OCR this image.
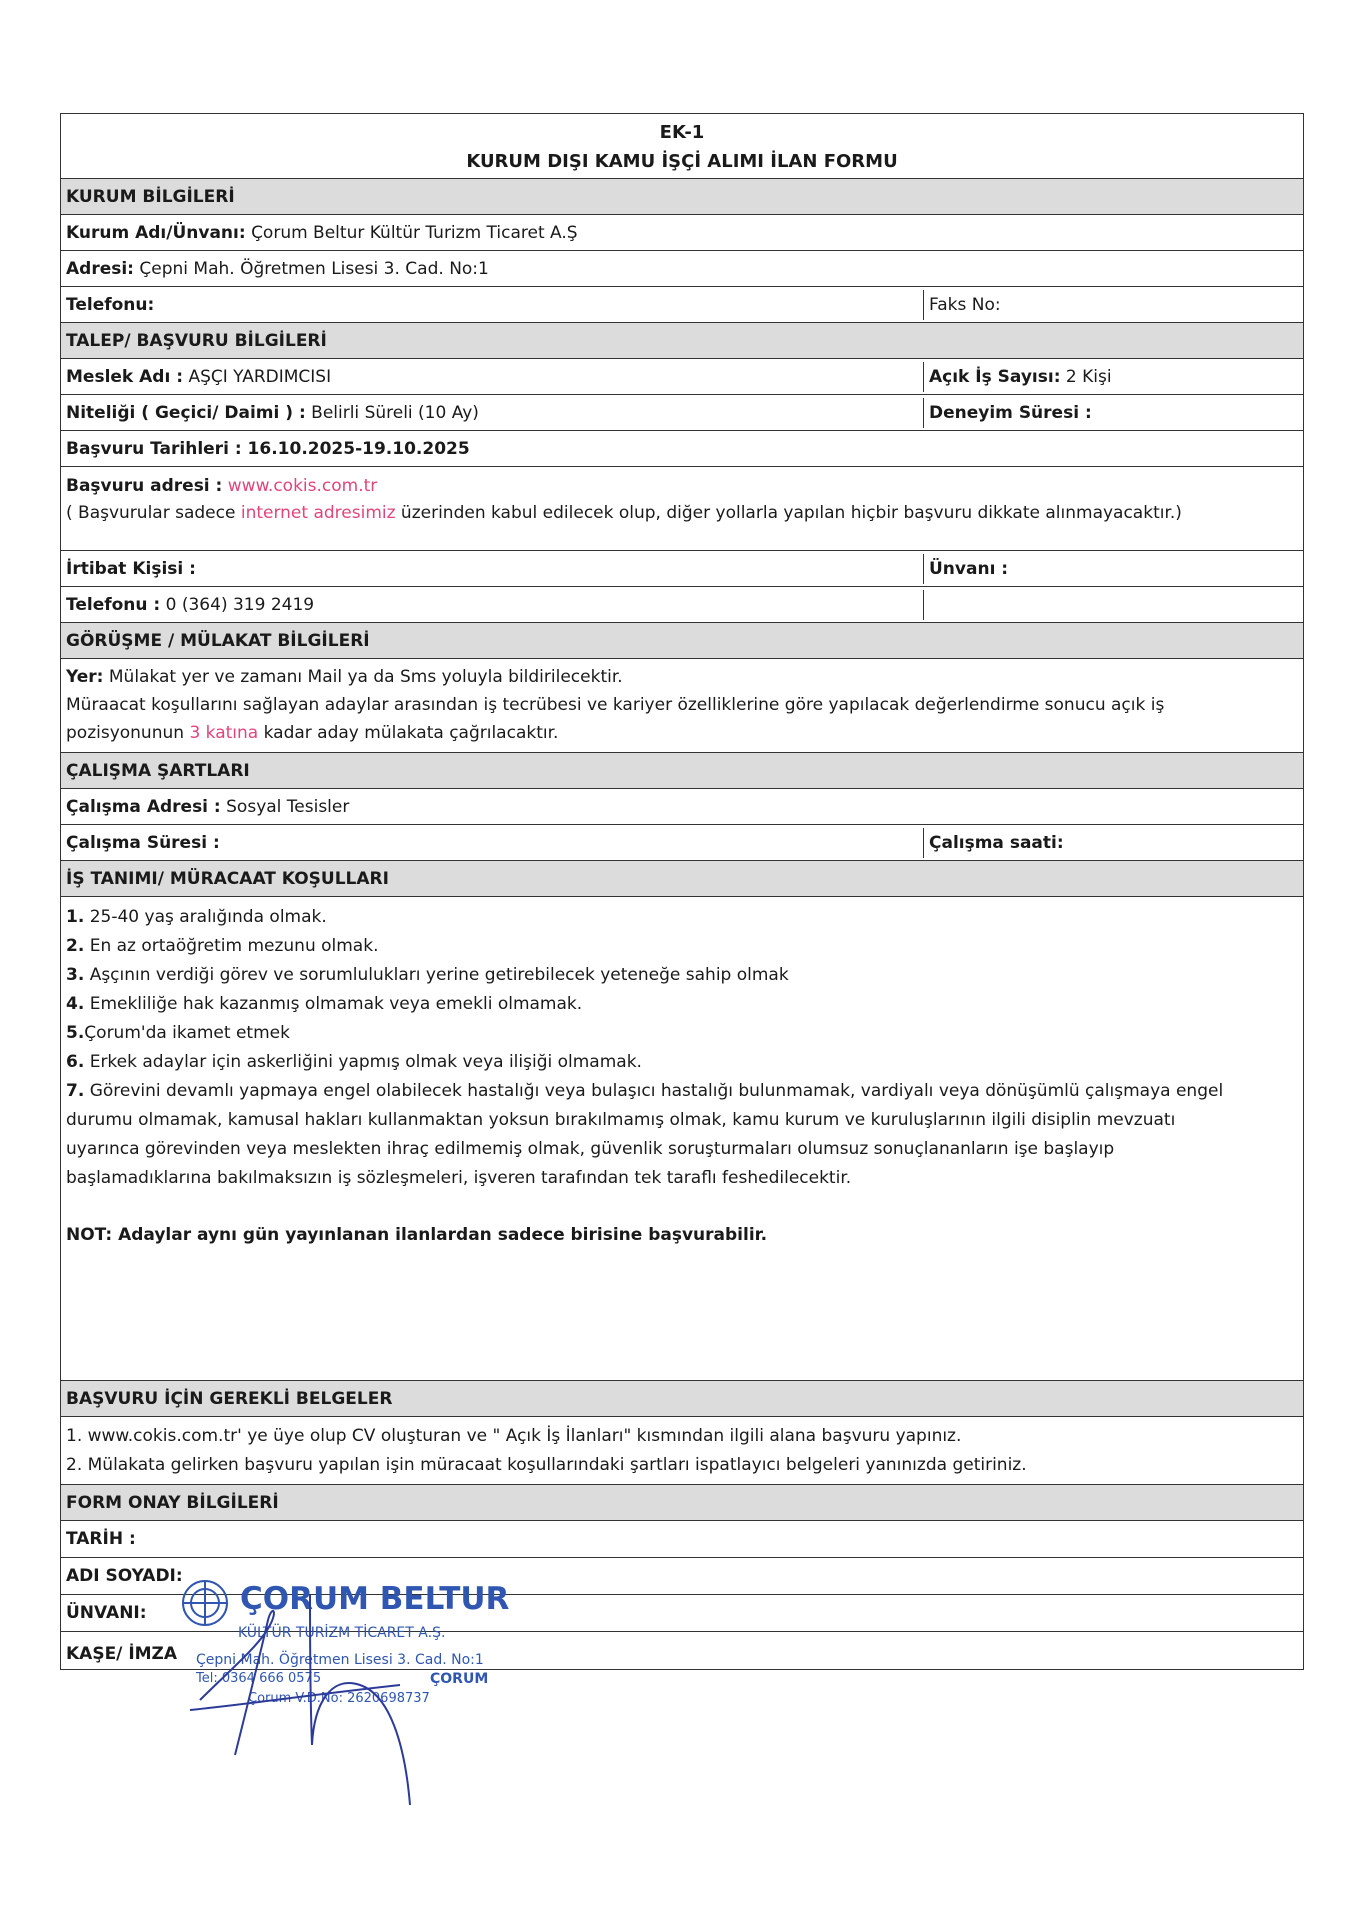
EK-1
KURUM DIŞI KAMU İŞÇİ ALIMI İLAN FORMU
KURUM BİLGİLERİ
Kurum Adı/Ünvanı: Çorum Beltur Kültür Turizm Ticaret A.Ş
Adresi: Çepni Mah. Öğretmen Lisesi 3. Cad. No:1
Telefonu:	Faks No:
TALEP/ BAŞVURU BİLGİLERİ
Meslek Adı : AŞÇI YARDIMCISI	Açık İş Sayısı: 2 Kişi
Niteliği ( Geçici/ Daimi ) : Belirli Süreli (10 Ay)	Deneyim Süresi :
Başvuru Tarihleri : 16.10.2025-19.10.2025
Başvuru adresi : www.cokis.com.tr
( Başvurular sadece internet adresimiz üzerinden kabul edilecek olup, diğer yollarla yapılan hiçbir başvuru dikkate alınmayacaktır.)
İrtibat Kişisi :	Ünvanı :
Telefonu : 0 (364) 319 2419
GÖRÜŞME / MÜLAKAT BİLGİLERİ
Yer: Mülakat yer ve zamanı Mail ya da Sms yoluyla bildirilecektir.
Müraacat koşullarını sağlayan adaylar arasından iş tecrübesi ve kariyer özelliklerine göre yapılacak değerlendirme sonucu açık iş
pozisyonunun 3 katına kadar aday mülakata çağrılacaktır.
ÇALIŞMA ŞARTLARI
Çalışma Adresi : Sosyal Tesisler
Çalışma Süresi :	Çalışma saati:
İŞ TANIMI/ MÜRACAAT KOŞULLARI
1. 25-40 yaş aralığında olmak.
2. En az ortaöğretim mezunu olmak.
3. Aşçının verdiği görev ve sorumlulukları yerine getirebilecek yeteneğe sahip olmak
4. Emekliliğe hak kazanmış olmamak veya emekli olmamak.
5.Çorum'da ikamet etmek
6. Erkek adaylar için askerliğini yapmış olmak veya ilişiği olmamak.
7. Görevini devamlı yapmaya engel olabilecek hastalığı veya bulaşıcı hastalığı bulunmamak, vardiyalı veya dönüşümlü çalışmaya engel
durumu olmamak, kamusal hakları kullanmaktan yoksun bırakılmamış olmak, kamu kurum ve kuruluşlarının ilgili disiplin mevzuatı
uyarınca görevinden veya meslekten ihraç edilmemiş olmak, güvenlik soruşturmaları olumsuz sonuçlananların işe başlayıp
başlamadıklarına bakılmaksızın iş sözleşmeleri, işveren tarafından tek taraflı feshedilecektir.
NOT: Adaylar aynı gün yayınlanan ilanlardan sadece birisine başvurabilir.
BAŞVURU İÇİN GEREKLİ BELGELER
1. www.cokis.com.tr' ye üye olup CV oluşturan ve " Açık İş İlanları" kısmından ilgili alana başvuru yapınız.
2. Mülakata gelirken başvuru yapılan işin müracaat koşullarındaki şartları ispatlayıcı belgeleri yanınızda getiriniz.
FORM ONAY BİLGİLERİ
TARİH :
ADI SOYADI:
ÜNVANI:
KAŞE/ İMZA
ÇORUM BELTUR
KÜLTÜR TURİZM TİCARET A.Ş.
Çepni Mah. Öğretmen Lisesi 3. Cad. No:1
Tel: 0364 666 0575	ÇORUM
Çorum V.D.No: 2620698737
